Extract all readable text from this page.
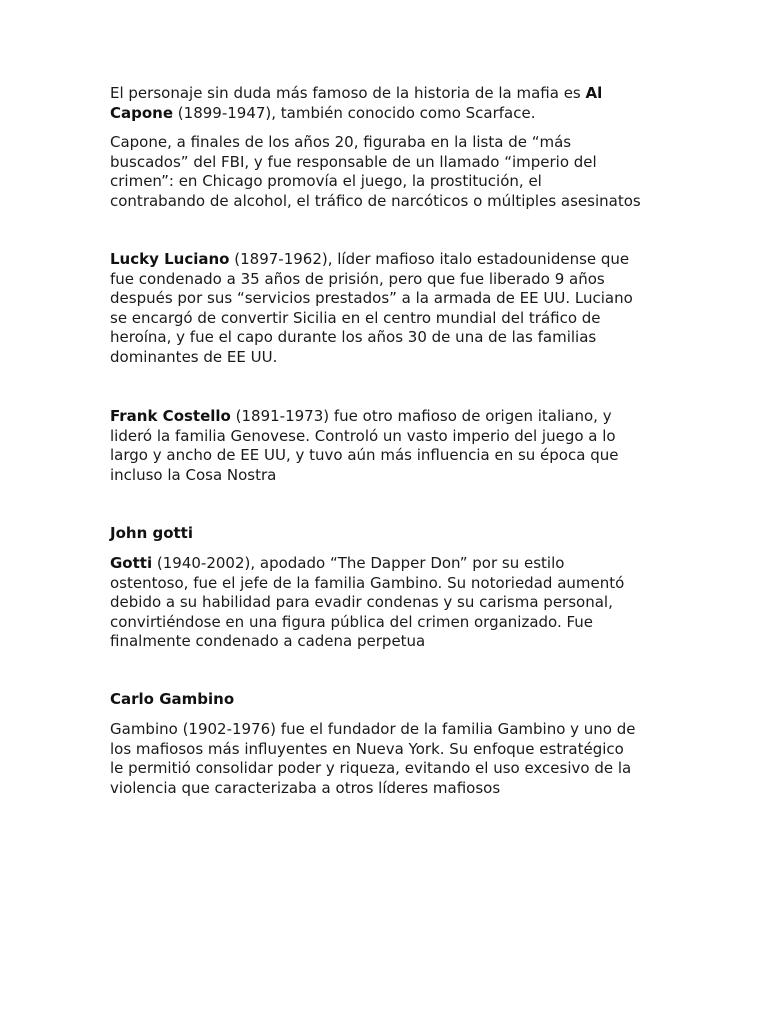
El personaje sin duda más famoso de la historia de la mafia es Al
Capone (1899-1947), también conocido como Scarface.

Capone, a finales de los años 20, figuraba en la lista de “más
buscados” del FBI, y fue responsable de un llamado “imperio del
crimen”: en Chicago promovía el juego, la prostitución, el
contrabando de alcohol, el tráfico de narcóticos o múltiples asesinatos

Lucky Luciano (1897-1962), líder mafioso italo estadounidense que
fue condenado a 35 años de prisión, pero que fue liberado 9 años
después por sus “servicios prestados” a la armada de EE UU. Luciano
se encargó de convertir Sicilia en el centro mundial del tráfico de
heroína, y fue el capo durante los años 30 de una de las familias
dominantes de EE UU.

Frank Costello (1891-1973) fue otro mafioso de origen italiano, y
lideró la familia Genovese. Controló un vasto imperio del juego a lo
largo y ancho de EE UU, y tuvo aún más influencia en su época que
incluso la Cosa Nostra

John gotti

Gotti (1940-2002), apodado “The Dapper Don” por su estilo
ostentoso, fue el jefe de la familia Gambino. Su notoriedad aumentó
debido a su habilidad para evadir condenas y su carisma personal,
convirtiéndose en una figura pública del crimen organizado. Fue
finalmente condenado a cadena perpetua

Carlo Gambino

Gambino (1902-1976) fue el fundador de la familia Gambino y uno de
los mafiosos más influyentes en Nueva York. Su enfoque estratégico
le permitió consolidar poder y riqueza, evitando el uso excesivo de la
violencia que caracterizaba a otros líderes mafiosos
